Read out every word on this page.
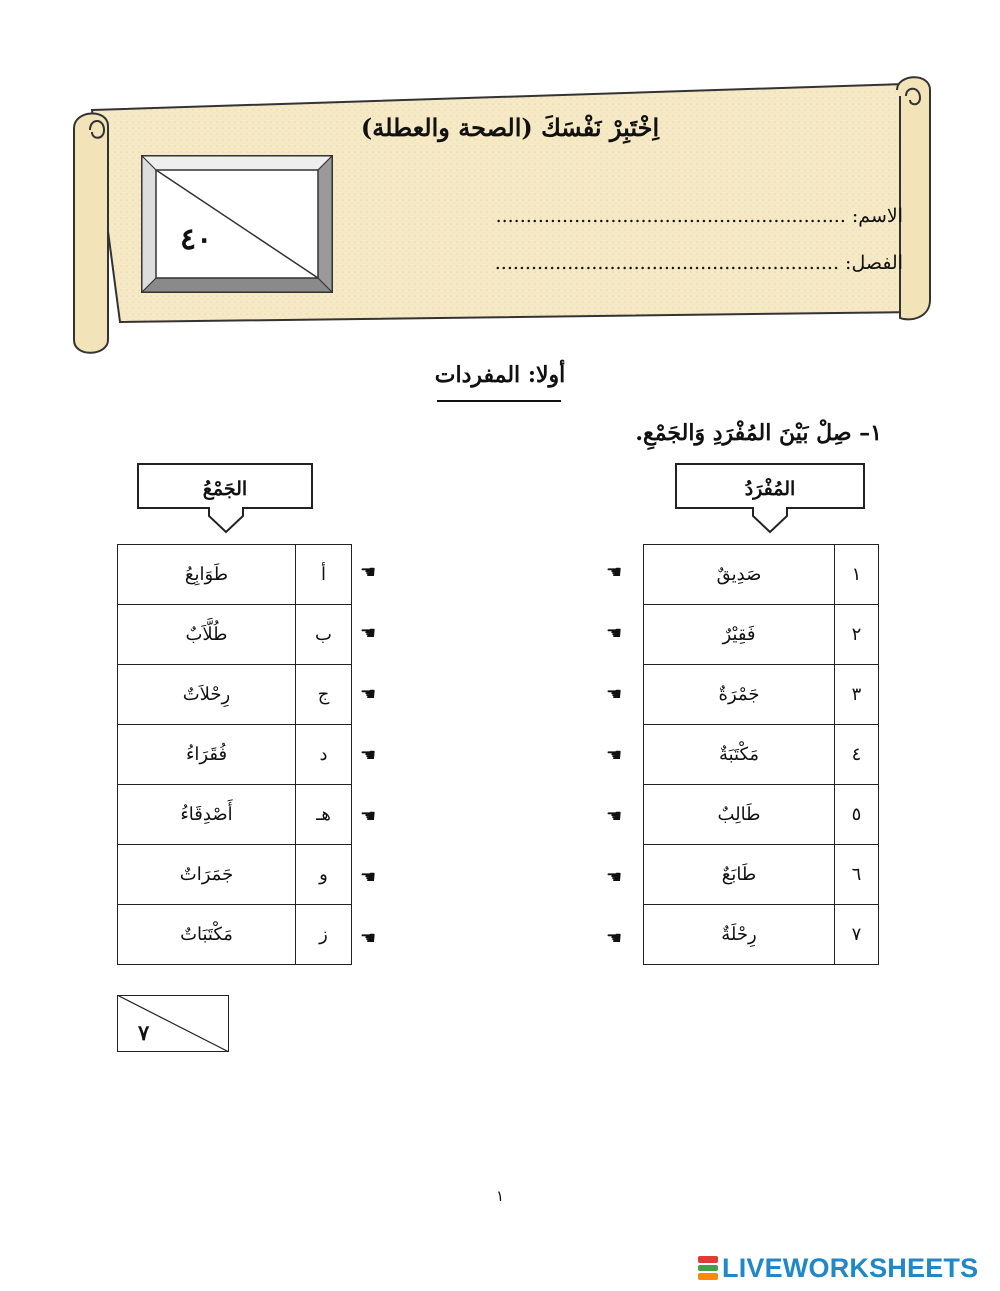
اِخْتَبِرْ نَفْسَكَ (الصحة والعطلة)
٤٠
الاسم: ..........................................................
الفصل: .........................................................
أولا: المفردات
١– صِلْ بَيْنَ المُفْرَدِ وَالجَمْعِ.
الجَمْعُ	المُفْرَدُ
طَوَابِعُ	أ
طُلَّاَبٌ	ب
رِحْلاَتٌ	ج
فُقَرَاءُ	د
أَصْدِقَاءُ	هـ
جَمَرَاتٌ	و
مَكْتَبَاتٌ	ز
صَدِيقٌ	١
فَقِيْرٌ	٢
جَمْرَةٌ	٣
مَكْتَبَةٌ	٤
طَالِبٌ	٥
طَابَعٌ	٦
رِحْلَةٌ	٧
☚
☚
☚
☚
☚
☚
☚
☚
☚
☚
☚
☚
☚
☚
٧
١
LIVEWORKSHEETS
